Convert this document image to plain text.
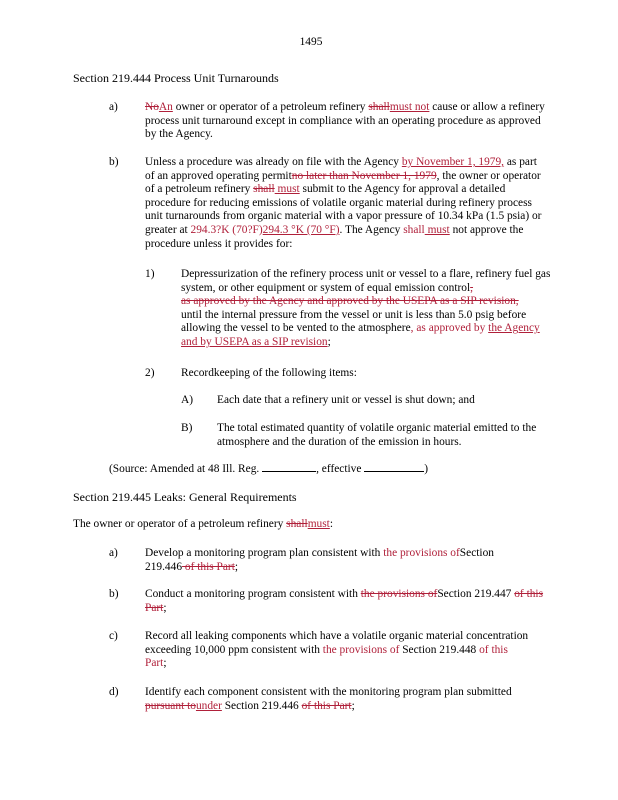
1495
Section 219.444 Process Unit Turnarounds
a) NoAn owner or operator of a petroleum refinery shallmust not cause or allow a refinery process unit turnaround except in compliance with an operating procedure as approved by the Agency.
b) Unless a procedure was already on file with the Agency by November 1, 1979, as part of an approved operating permitno later than November 1, 1979, the owner or operator of a petroleum refinery shall must submit to the Agency for approval a detailed procedure for reducing emissions of volatile organic material during refinery process unit turnarounds from organic material with a vapor pressure of 10.34 kPa (1.5 psia) or greater at 294.3?K (70?F)294.3 °K (70 °F). The Agency shall must not approve the procedure unless it provides for:
1) Depressurization of the refinery process unit or vessel to a flare, refinery fuel gas system, or other equipment or system of equal emission control,
as approved by the Agency and approved by the USEPA as a SIP revision,
until the internal pressure from the vessel or unit is less than 5.0 psig before allowing the vessel to be vented to the atmosphere, as approved by the Agency and by USEPA as a SIP revision;
2) Recordkeeping of the following items:
A) Each date that a refinery unit or vessel is shut down; and
B) The total estimated quantity of volatile organic material emitted to the atmosphere and the duration of the emission in hours.
(Source: Amended at 48 Ill. Reg.	, effective	)
Section 219.445 Leaks: General Requirements
The owner or operator of a petroleum refinery shallmust:
a) Develop a monitoring program plan consistent with the provisions ofSection 219.446 of this Part;
b) Conduct a monitoring program consistent with the provisions ofSection 219.447 of this Part;
c) Record all leaking components which have a volatile organic material concentration exceeding 10,000 ppm consistent with the provisions of Section 219.448 of this Part;
d) Identify each component consistent with the monitoring program plan submitted pursuant tounder Section 219.446 of this Part;
